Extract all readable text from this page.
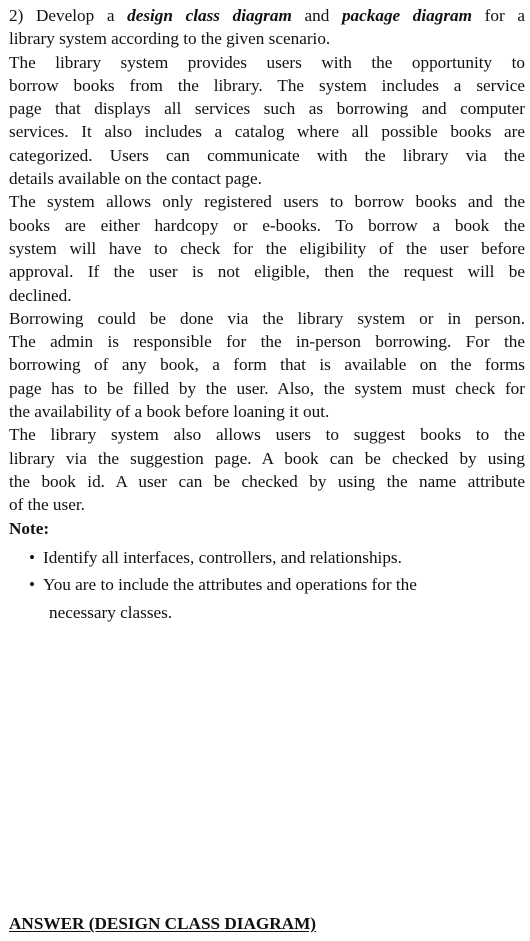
2) Develop a design class diagram and package diagram for a
library system according to the given scenario.
The library system provides users with the opportunity to
borrow books from the library. The system includes a service
page that displays all services such as borrowing and computer
services. It also includes a catalog where all possible books are
categorized. Users can communicate with the library via the
details available on the contact page.
The system allows only registered users to borrow books and the
books are either hardcopy or e-books. To borrow a book the
system will have to check for the eligibility of the user before
approval. If the user is not eligible, then the request will be
declined.
Borrowing could be done via the library system or in person.
The admin is responsible for the in-person borrowing. For the
borrowing of any book, a form that is available on the forms
page has to be filled by the user. Also, the system must check for
the availability of a book before loaning it out.
The library system also allows users to suggest books to the
library via the suggestion page. A book can be checked by using
the book id. A user can be checked by using the name attribute
of the user.
Note:
• Identify all interfaces, controllers, and relationships.
• You are to include the attributes and operations for the
necessary classes.
ANSWER (DESIGN CLASS DIAGRAM)
